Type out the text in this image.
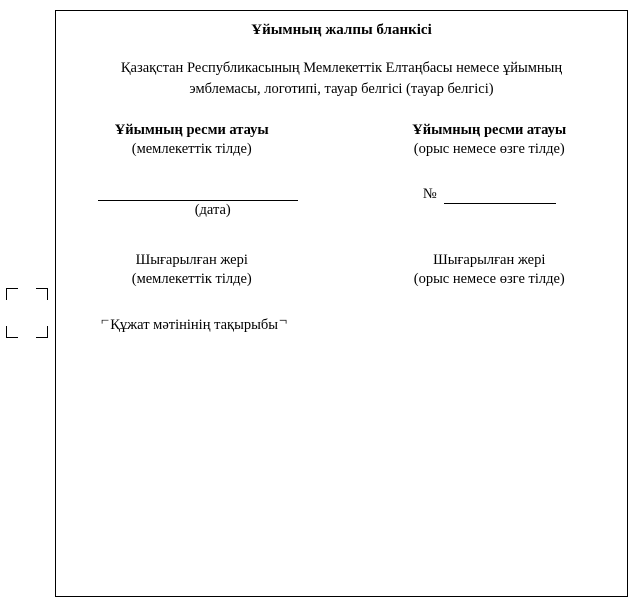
Ұйымның жалпы бланкісі
Қазақстан Республикасының Мемлекеттік Елтаңбасы немесе ұйымның
эмблемасы, логотипі, тауар белгісі (тауар белгісі)
Ұйымның ресми атауы
(мемлекеттік тілде)
Ұйымның ресми атауы
(орыс немесе өзге тілде)
(дата)
№
Шығарылған жері
(мемлекеттік тілде)
Шығарылған жері
(орыс немесе өзге тілде)
⌐Құжат мәтінінің тақырыбы¬
